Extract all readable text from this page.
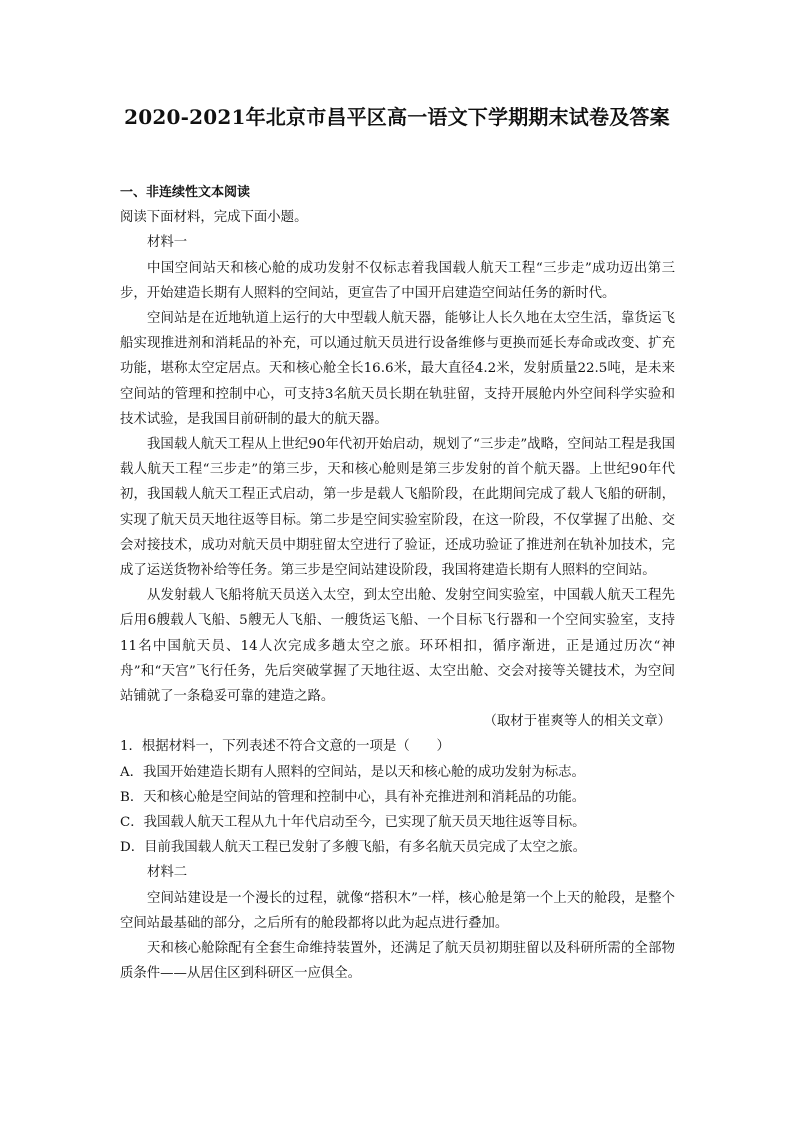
2020-2021年北京市昌平区高一语文下学期期末试卷及答案

一、非连续性文本阅读

阅读下面材料，完成下面小题。

材料一

中国空间站天和核心舱的成功发射不仅标志着我国载人航天工程“三步走”成功迈出第三步，开始建造长期有人照料的空间站，更宣告了中国开启建造空间站任务的新时代。

空间站是在近地轨道上运行的大中型载人航天器，能够让人长久地在太空生活，靠货运飞船实现推进剂和消耗品的补充，可以通过航天员进行设备维修与更换而延长寿命或改变、扩充功能，堪称太空定居点。天和核心舱全长16.6米，最大直径4.2米，发射质量22.5吨，是未来空间站的管理和控制中心，可支持3名航天员长期在轨驻留，支持开展舱内外空间科学实验和技术试验，是我国目前研制的最大的航天器。

我国载人航天工程从上世纪90年代初开始启动，规划了“三步走”战略，空间站工程是我国载人航天工程“三步走”的第三步，天和核心舱则是第三步发射的首个航天器。上世纪90年代初，我国载人航天工程正式启动，第一步是载人飞船阶段，在此期间完成了载人飞船的研制，实现了航天员天地往返等目标。第二步是空间实验室阶段，在这一阶段，不仅掌握了出舱、交会对接技术，成功对航天员中期驻留太空进行了验证，还成功验证了推进剂在轨补加技术，完成了运送货物补给等任务。第三步是空间站建设阶段，我国将建造长期有人照料的空间站。

从发射载人飞船将航天员送入太空，到太空出舱、发射空间实验室，中国载人航天工程先后用6艘载人飞船、5艘无人飞船、一艘货运飞船、一个目标飞行器和一个空间实验室，支持11名中国航天员、14人次完成多趟太空之旅。环环相扣，循序渐进，正是通过历次“神舟”和“天宫”飞行任务，先后突破掌握了天地往返、太空出舱、交会对接等关键技术，为空间站铺就了一条稳妥可靠的建造之路。

（取材于崔爽等人的相关文章）

1．根据材料一，下列表述不符合文意的一项是（　　）

A．我国开始建造长期有人照料的空间站，是以天和核心舱的成功发射为标志。

B．天和核心舱是空间站的管理和控制中心，具有补充推进剂和消耗品的功能。

C．我国载人航天工程从九十年代启动至今，已实现了航天员天地往返等目标。

D．目前我国载人航天工程已发射了多艘飞船，有多名航天员完成了太空之旅。

材料二

空间站建设是一个漫长的过程，就像“搭积木”一样，核心舱是第一个上天的舱段，是整个空间站最基础的部分，之后所有的舱段都将以此为起点进行叠加。

天和核心舱除配有全套生命维持装置外，还满足了航天员初期驻留以及科研所需的全部物质条件——从居住区到科研区一应俱全。
